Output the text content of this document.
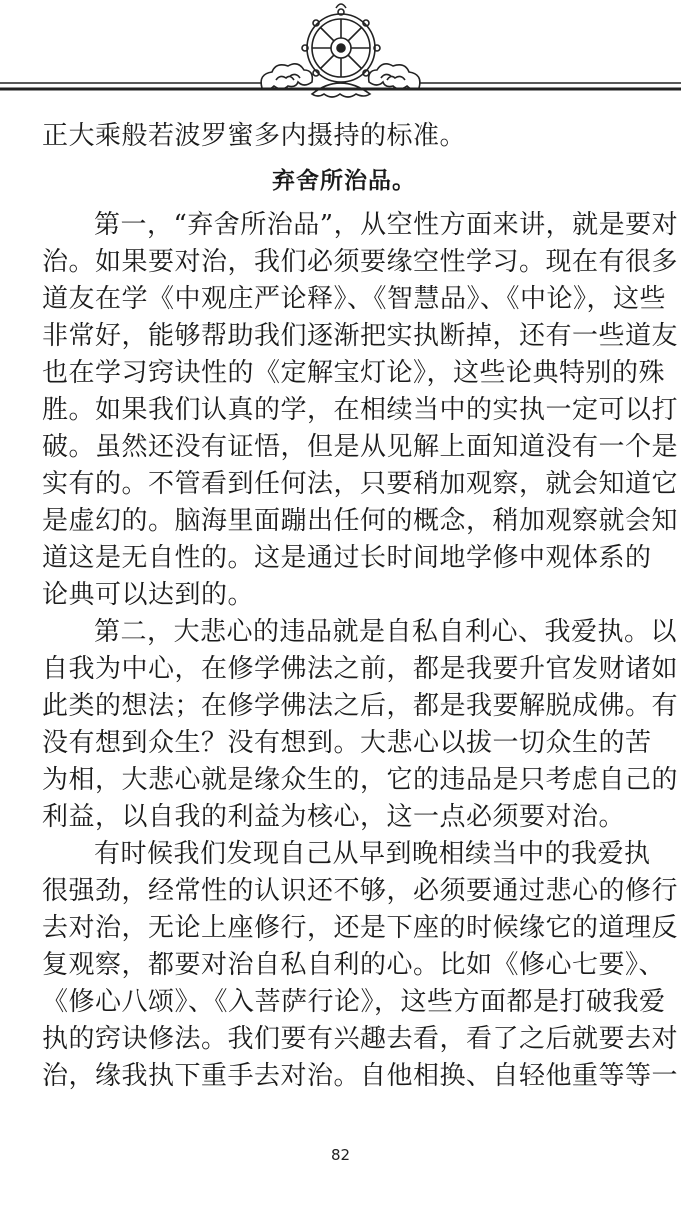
正大乘般若波罗蜜多内摄持的标准。
弃舍所治品。
第一，“弃舍所治品”，从空性方面来讲，就是要对
治。如果要对治，我们必须要缘空性学习。现在有很多
道友在学《中观庄严论释》、《智慧品》、《中论》，这些
非常好，能够帮助我们逐渐把实执断掉，还有一些道友
也在学习窍诀性的《定解宝灯论》，这些论典特别的殊
胜。如果我们认真的学，在相续当中的实执一定可以打
破。虽然还没有证悟，但是从见解上面知道没有一个是
实有的。不管看到任何法，只要稍加观察，就会知道它
是虚幻的。脑海里面蹦出任何的概念，稍加观察就会知
道这是无自性的。这是通过长时间地学修中观体系的
论典可以达到的。
第二，大悲心的违品就是自私自利心、我爱执。以
自我为中心，在修学佛法之前，都是我要升官发财诸如
此类的想法；在修学佛法之后，都是我要解脱成佛。有
没有想到众生？没有想到。大悲心以拔一切众生的苦
为相，大悲心就是缘众生的，它的违品是只考虑自己的
利益，以自我的利益为核心，这一点必须要对治。
有时候我们发现自己从早到晚相续当中的我爱执
很强劲，经常性的认识还不够，必须要通过悲心的修行
去对治，无论上座修行，还是下座的时候缘它的道理反
复观察，都要对治自私自利的心。比如《修心七要》、
《修心八颂》、《入菩萨行论》，这些方面都是打破我爱
执的窍诀修法。我们要有兴趣去看，看了之后就要去对
治，缘我执下重手去对治。自他相换、自轻他重等等一
82
